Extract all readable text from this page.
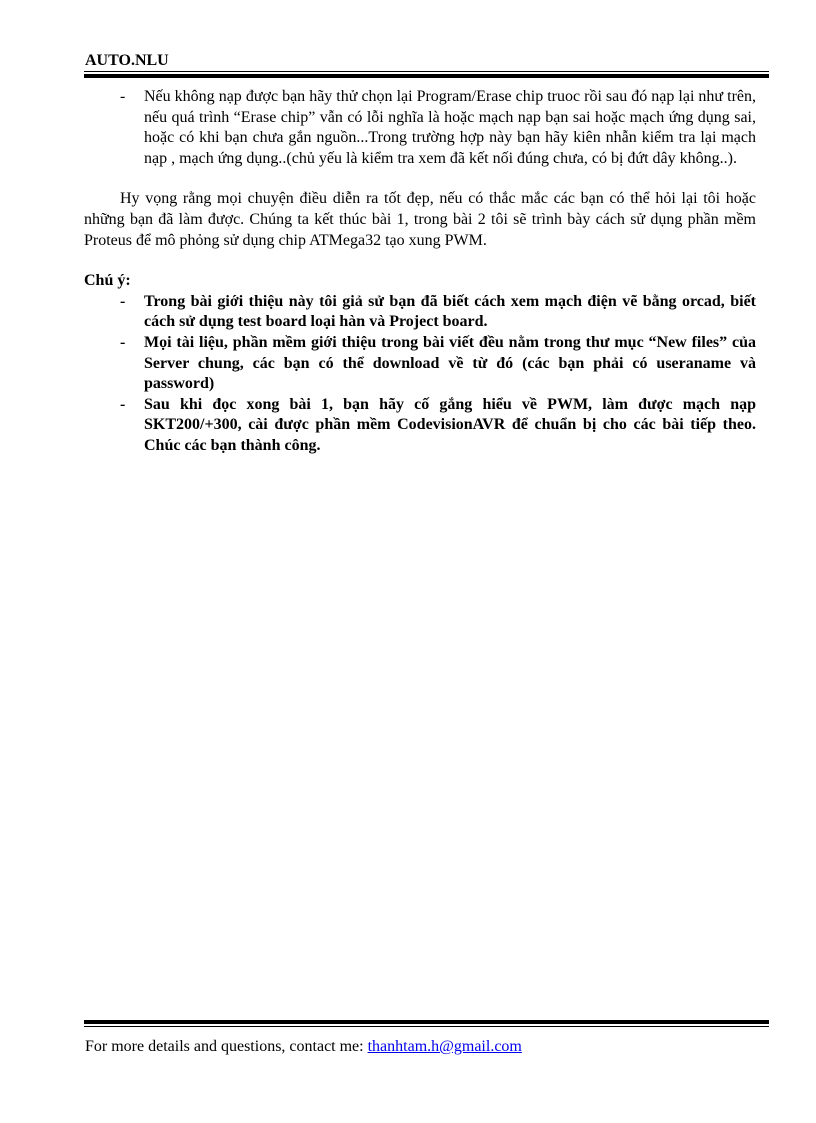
AUTO.NLU
- Nếu không nạp được bạn hãy thử chọn lại Program/Erase chip truoc rồi sau đó nạp lại như trên, nếu quá trình “Erase chip” vẫn có lỗi nghĩa là hoặc mạch nạp bạn sai hoặc mạch ứng dụng sai, hoặc có khi bạn chưa gắn nguồn...Trong trường hợp này bạn hãy kiên nhẫn kiểm tra lại mạch nạp , mạch ứng dụng..(chủ yếu là kiểm tra xem đã kết nối đúng chưa, có bị đứt dây không..).
Hy vọng rằng mọi chuyện điều diễn ra tốt đẹp, nếu có thắc mắc các bạn có thể hỏi lại tôi hoặc những bạn đã làm được. Chúng ta kết thúc bài 1, trong bài 2 tôi sẽ trình bày cách sử dụng phần mềm Proteus để mô phỏng sử dụng chip ATMega32 tạo xung PWM.
Chú ý:
- Trong bài giới thiệu này tôi giả sử bạn đã biết cách xem mạch điện vẽ bằng orcad, biết cách sử dụng test board loại hàn và Project board.
- Mọi tài liệu, phần mềm giới thiệu trong bài viết đều nằm trong thư mục “New files” của Server chung, các bạn có thể download về từ đó (các bạn phải có useraname và password)
- Sau khi đọc xong bài 1, bạn hãy cố gắng hiểu về PWM, làm được mạch nạp SKT200/+300, cài được phần mềm CodevisionAVR để chuẩn bị cho các bài tiếp theo. Chúc các bạn thành công.
For more details and questions, contact me: thanhtam.h@gmail.com
